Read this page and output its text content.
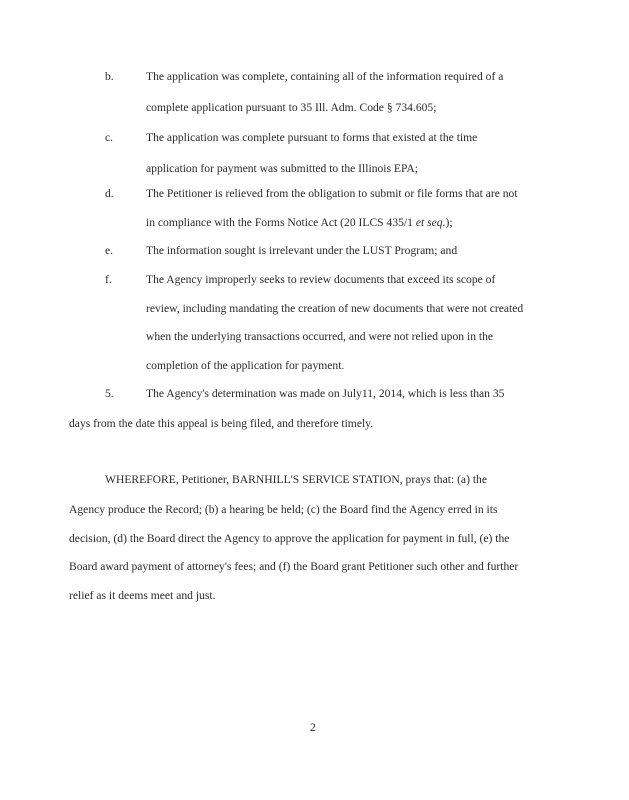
b.	The application was complete, containing all of the information required of a
complete application pursuant to 35 Ill. Adm. Code § 734.605;
c.	The application was complete pursuant to forms that existed at the time
application for payment was submitted to the Illinois EPA;
d.	The Petitioner is relieved from the obligation to submit or file forms that are not
in compliance with the Forms Notice Act (20 ILCS 435/1 et seq.);
e.	The information sought is irrelevant under the LUST Program; and
f.	The Agency improperly seeks to review documents that exceed its scope of
review, including mandating the creation of new documents that were not created
when the underlying transactions occurred, and were not relied upon in the
completion of the application for payment.
5.	The Agency's determination was made on July11, 2014, which is less than 35
days from the date this appeal is being filed, and therefore timely.
WHEREFORE, Petitioner, BARNHILL'S SERVICE STATION, prays that: (a) the
Agency produce the Record; (b) a hearing be held; (c) the Board find the Agency erred in its
decision, (d) the Board direct the Agency to approve the application for payment in full, (e) the
Board award payment of attorney's fees; and (f) the Board grant Petitioner such other and further
relief as it deems meet and just.
2
